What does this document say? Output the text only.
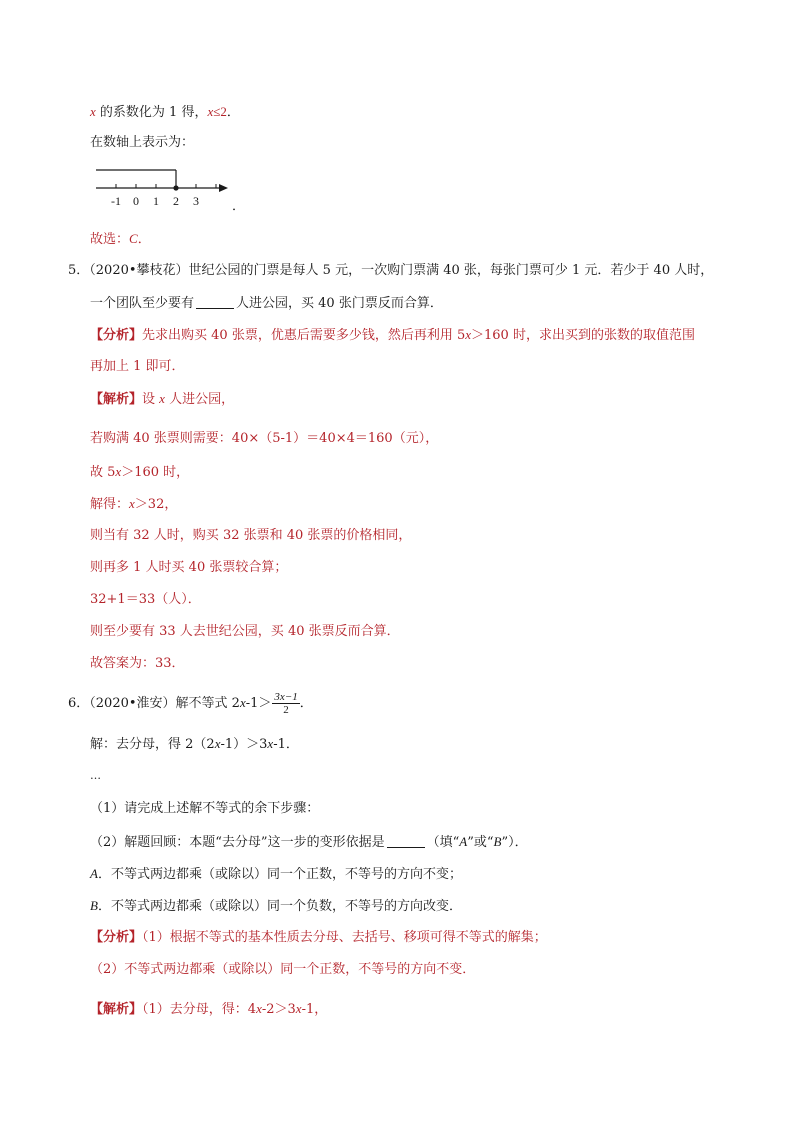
x 的系数化为 1 得，x≤2．
在数轴上表示为：
-1 0 1 2 3	．
故选：C．
5．（2020•攀枝花）世纪公园的门票是每人 5 元，一次购门票满 40 张，每张门票可少 1 元．若少于 40 人时，
一个团队至少要有	人进公园，买 40 张门票反而合算．
【分析】先求出购买 40 张票，优惠后需要多少钱，然后再利用 5x＞160 时，求出买到的张数的取值范围
再加上 1 即可．
【解析】设 x 人进公园，
若购满 40 张票则需要：40×（5-1）＝40×4＝160（元），
故 5x＞160 时，
解得：x＞32，
则当有 32 人时，购买 32 张票和 40 张票的价格相同，
则再多 1 人时买 40 张票较合算；
32+1＝33（人）．
则至少要有 33 人去世纪公园，买 40 张票反而合算．
故答案为：33．
6．（2020•淮安）解不等式 $2x-1> \frac{3x-1}{2}$ ．
解：去分母，得 2（2x-1）＞3x-1．
…
（1）请完成上述解不等式的余下步骤：
（2）解题回顾：本题“去分母”这一步的变形依据是	（填“A”或“B”）．
A．不等式两边都乘（或除以）同一个正数，不等号的方向不变；
B．不等式两边都乘（或除以）同一个负数，不等号的方向改变．
【分析】（1）根据不等式的基本性质去分母、去括号、移项可得不等式的解集；
（2）不等式两边都乘（或除以）同一个正数，不等号的方向不变．
【解析】（1）去分母，得：4x-2＞3x-1，
